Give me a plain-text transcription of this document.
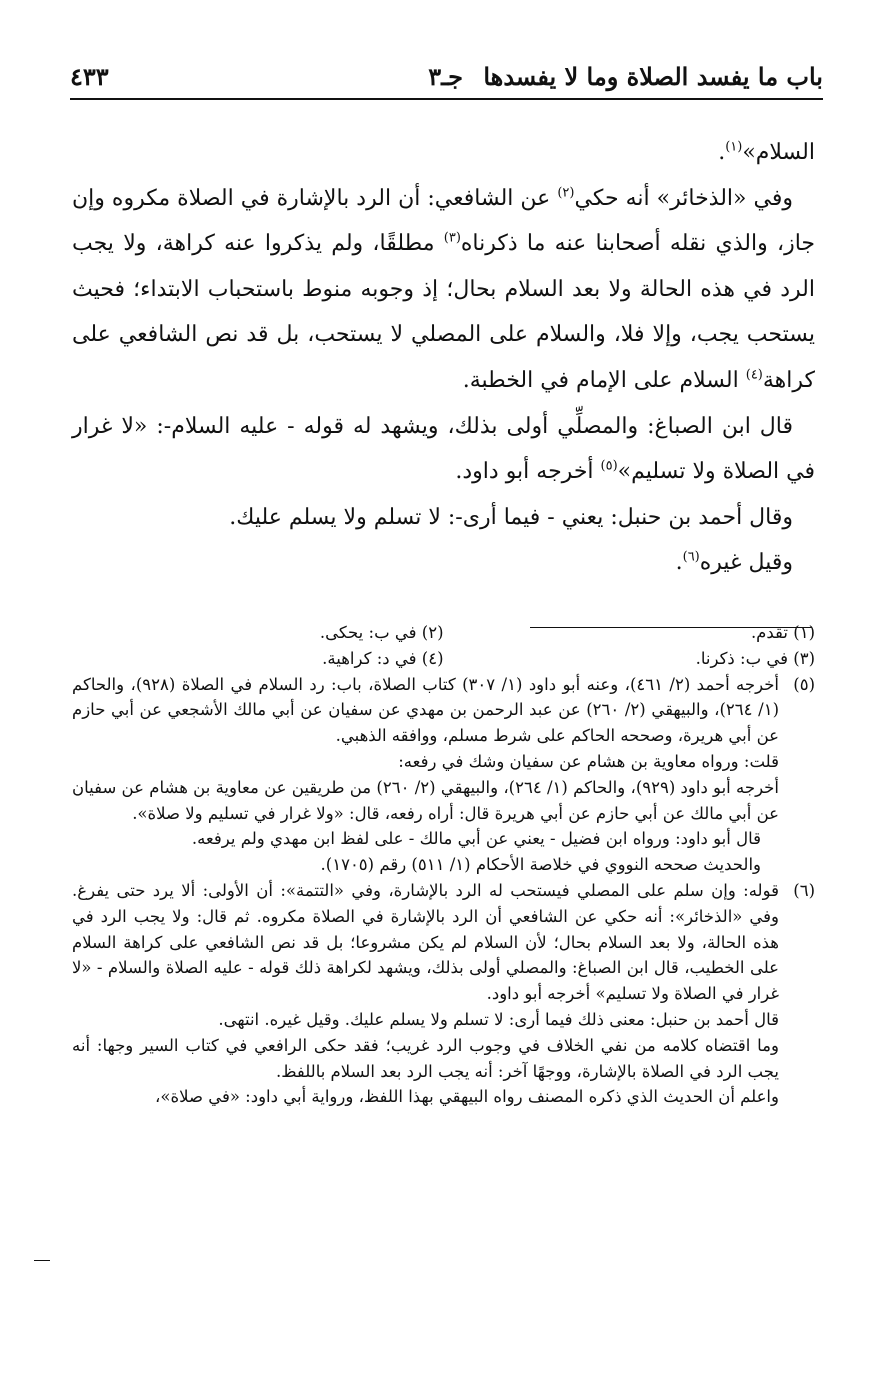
باب ما يفسد الصلاة وما لا يفسدها
جـ٣
٤٣٣

السلام»$^{(١)}$.

وفي «الذخائر» أنه حكي$^{(٢)}$ عن الشافعي: أن الرد بالإشارة في الصلاة مكروه وإن جاز، والذي نقله أصحابنا عنه ما ذكرناه$^{(٣)}$ مطلقًا، ولم يذكروا عنه كراهة، ولا يجب الرد في هذه الحالة ولا بعد السلام بحال؛ إذ وجوبه منوط باستحباب الابتداء؛ فحيث يستحب يجب، وإلا فلا، والسلام على المصلي لا يستحب، بل قد نص الشافعي على كراهة$^{(٤)}$ السلام على الإمام في الخطبة.

قال ابن الصباغ: والمصلِّي أولى بذلك، ويشهد له قوله - عليه السلام-: «لا غرار في الصلاة ولا تسليم»$^{(٥)}$ أخرجه أبو داود.

وقال أحمد بن حنبل: يعني - فيما أرى-: لا تسلم ولا يسلم عليك.

وقيل غيره$^{(٦)}$.

(١) تقدم.
(٢) في ب: يحكى.
(٣) في ب: ذكرنا.
(٤) في د: كراهية.
(٥)

أخرجه أحمد (٢/ ٤٦١)، وعنه أبو داود (١/ ٣٠٧) كتاب الصلاة، باب: رد السلام في الصلاة (٩٢٨)، والحاكم (١/ ٢٦٤)، والبيهقي (٢/ ٢٦٠) عن عبد الرحمن بن مهدي عن سفيان عن أبي مالك الأشجعي عن أبي حازم عن أبي هريرة، وصححه الحاكم على شرط مسلم، ووافقه الذهبي.

قلت: ورواه معاوية بن هشام عن سفيان وشك في رفعه:

أخرجه أبو داود (٩٢٩)، والحاكم (١/ ٢٦٤)، والبيهقي (٢/ ٢٦٠) من طريقين عن معاوية بن هشام عن سفيان عن أبي مالك عن أبي حازم عن أبي هريرة قال: أراه رفعه، قال: «ولا غرار في تسليم ولا صلاة».

قال أبو داود: ورواه ابن فضيل - يعني عن أبي مالك - على لفظ ابن مهدي ولم يرفعه.

والحديث صححه النووي في خلاصة الأحكام (١/ ٥١١) رقم (١٧٠٥).

(٦)

قوله: وإن سلم على المصلي فيستحب له الرد بالإشارة، وفي «التتمة»: أن الأولى: ألا يرد حتى يفرغ. وفي «الذخائر»: أنه حكي عن الشافعي أن الرد بالإشارة في الصلاة مكروه. ثم قال: ولا يجب الرد في هذه الحالة، ولا بعد السلام بحال؛ لأن السلام لم يكن مشروعا؛ بل قد نص الشافعي على كراهة السلام على الخطيب، قال ابن الصباغ: والمصلي أولى بذلك، ويشهد لكراهة ذلك قوله - عليه الصلاة والسلام - «لا غرار في الصلاة ولا تسليم» أخرجه أبو داود.

قال أحمد بن حنبل: معنى ذلك فيما أرى: لا تسلم ولا يسلم عليك. وقيل غيره. انتهى.

وما اقتضاه كلامه من نفي الخلاف في وجوب الرد غريب؛ فقد حكى الرافعي في كتاب السير وجها: أنه يجب الرد في الصلاة بالإشارة، ووجهًا آخر: أنه يجب الرد بعد السلام باللفظ.

واعلم أن الحديث الذي ذكره المصنف رواه البيهقي بهذا اللفظ، ورواية أبي داود: «في صلاة»،
